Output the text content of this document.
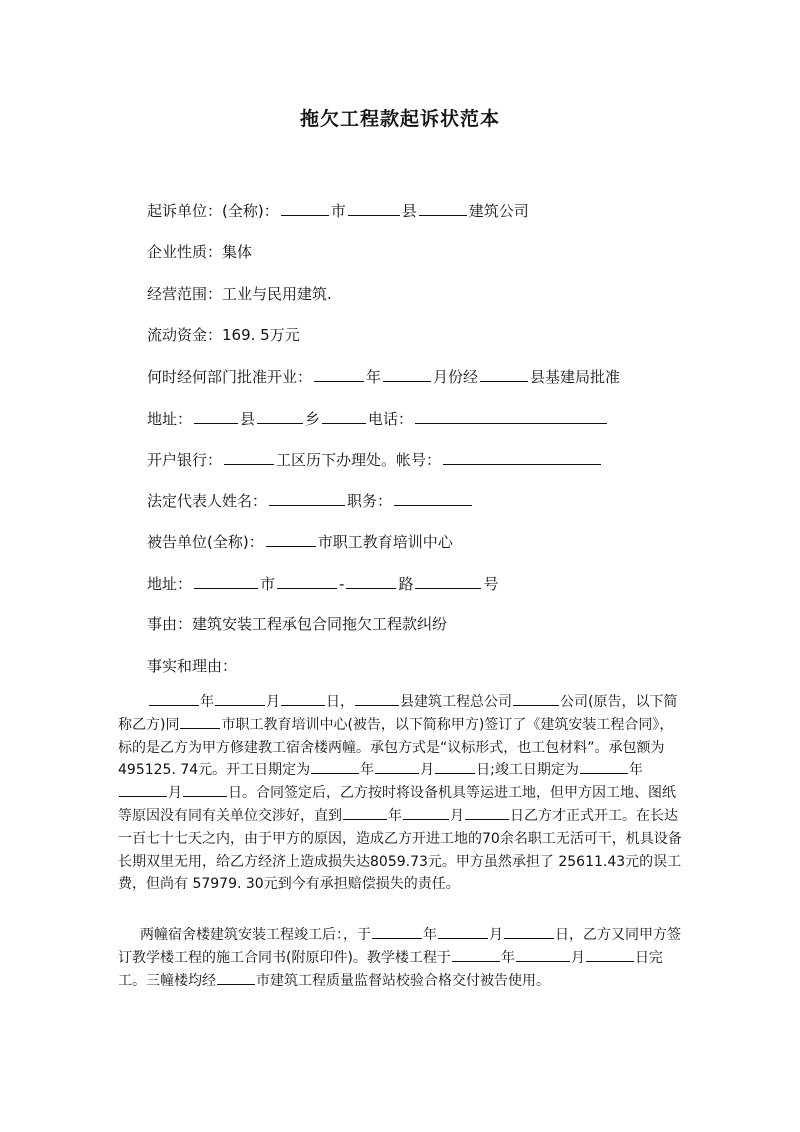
拖欠工程款起诉状范本
起诉单位：(全称)：	市	县	建筑公司
企业性质：集体
经营范围：工业与民用建筑.
流动资金：169. 5万元
何时经何部门批准开业：	年	月份经	县基建局批准
地址：	县	乡	电话：
开户银行：	工区历下办理处。帐号：
法定代表人姓名：	职务：
被告单位(全称)：	市职工教育培训中心
地址：	市	-	路	号
事由：建筑安装工程承包合同拖欠工程款纠纷
事实和理由：
年	月	日，	县建筑工程总公司	公司(原告，以下简称乙方)同	市职工教育培训中心(被告，以下简称甲方)签订了《建筑安装工程合同》，标的是乙方为甲方修建教工宿舍楼两幢。承包方式是“议标形式，也工包材料”。承包额为495125. 74元。开工日期定为	年	月	日;竣工日期定为	年月	日。合同签定后，乙方按时将设备机具等运进工地，但甲方因工地、图纸等原因没有同有关单位交涉好，直到	年	月	日乙方才正式开工。在长达一百七十七天之内，由于甲方的原因，造成乙方开进工地的70余名职工无活可干，机具设备长期双里无用，给乙方经济上造成损失达8059.73元。甲方虽然承担了 25611.43元的误工费，但尚有 57979. 30元到今有承担赔偿损失的责任。
两幢宿舍楼建筑安装工程竣工后：，于	年	月	日，乙方又同甲方签订教学楼工程的施工合同书(附原印件)。教学楼工程于	年	月	日完工。三幢楼均经	市建筑工程质量监督站校验合格交付被告使用。
